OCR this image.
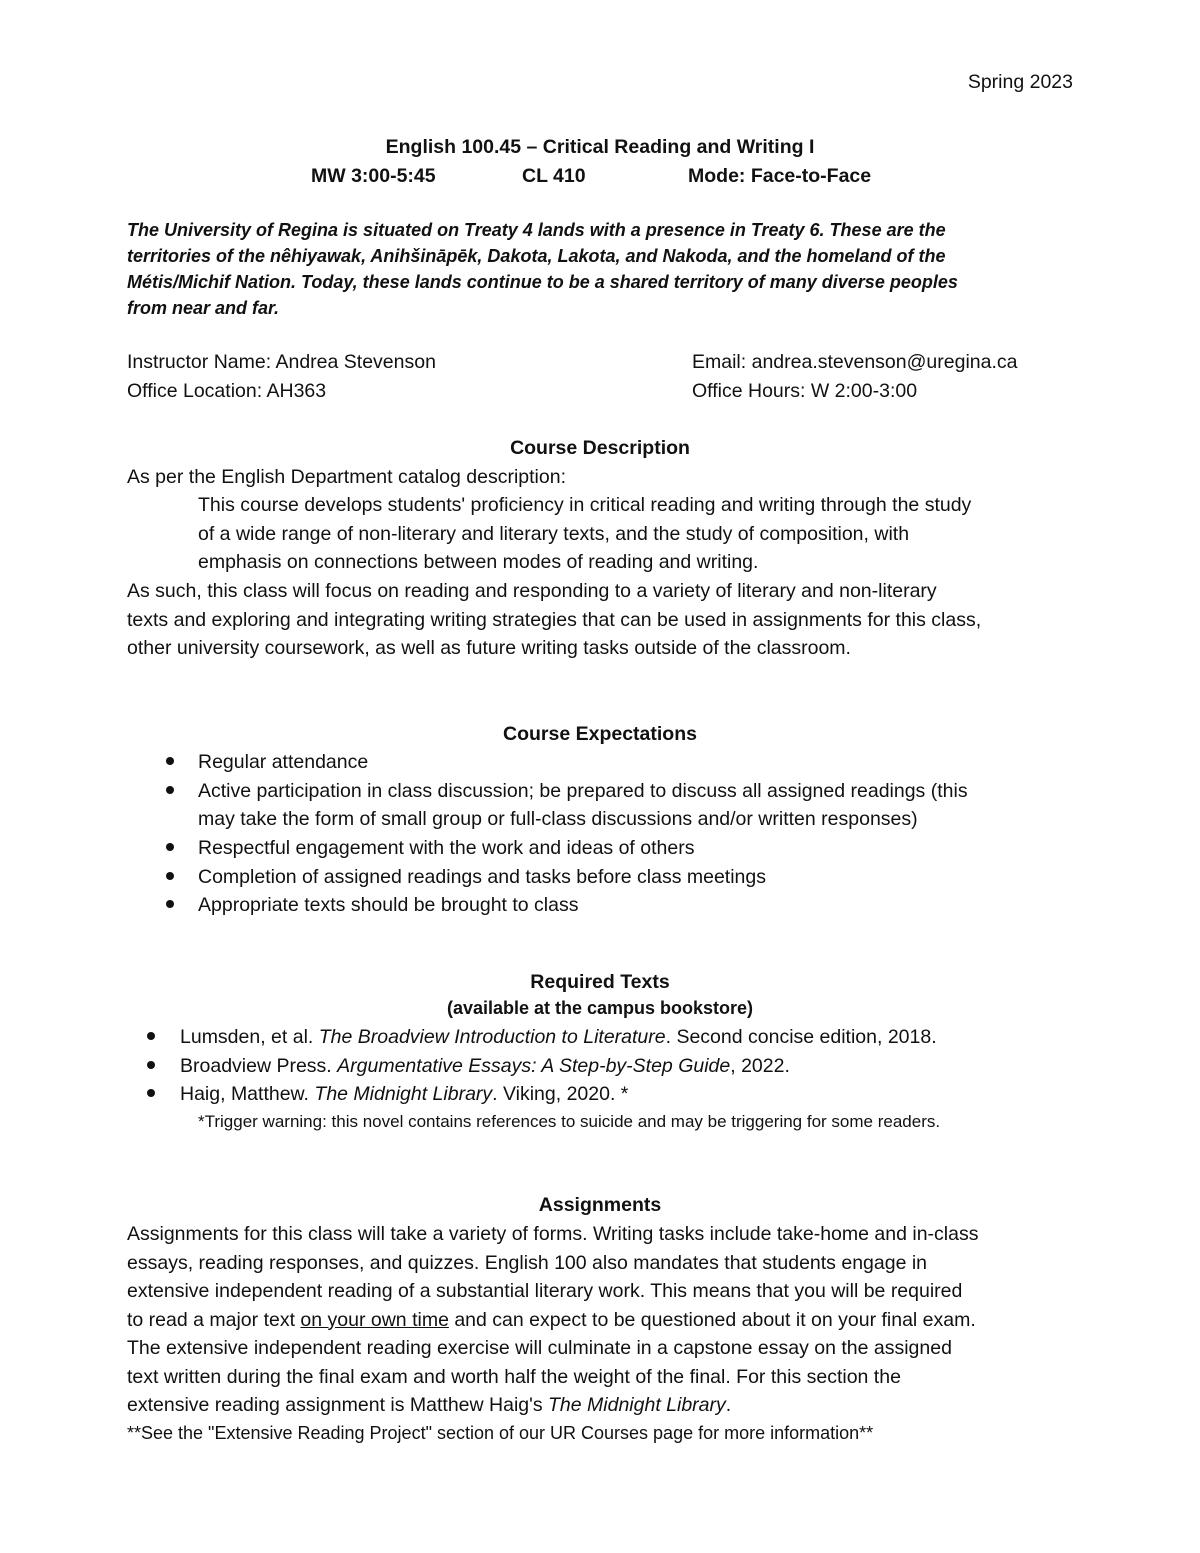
Spring 2023
English 100.45 – Critical Reading and Writing I
MW 3:00-5:45	CL 410	Mode: Face-to-Face
The University of Regina is situated on Treaty 4 lands with a presence in Treaty 6. These are the
territories of the nêhiyawak, Anihšināpēk, Dakota, Lakota, and Nakoda, and the homeland of the
Métis/Michif Nation. Today, these lands continue to be a shared territory of many diverse peoples
from near and far.
Instructor Name: Andrea Stevenson
Office Location: AH363
Email: andrea.stevenson@uregina.ca
Office Hours: W 2:00-3:00
Course Description
As per the English Department catalog description:
This course develops students' proficiency in critical reading and writing through the study
of a wide range of non-literary and literary texts, and the study of composition, with
emphasis on connections between modes of reading and writing.
As such, this class will focus on reading and responding to a variety of literary and non-literary
texts and exploring and integrating writing strategies that can be used in assignments for this class,
other university coursework, as well as future writing tasks outside of the classroom.
Course Expectations
Regular attendance
Active participation in class discussion; be prepared to discuss all assigned readings (this
may take the form of small group or full-class discussions and/or written responses)
Respectful engagement with the work and ideas of others
Completion of assigned readings and tasks before class meetings
Appropriate texts should be brought to class
Required Texts
(available at the campus bookstore)
Lumsden, et al. The Broadview Introduction to Literature. Second concise edition, 2018.
Broadview Press. Argumentative Essays: A Step-by-Step Guide, 2022.
Haig, Matthew. The Midnight Library. Viking, 2020. *
*Trigger warning: this novel contains references to suicide and may be triggering for some readers.
Assignments
Assignments for this class will take a variety of forms. Writing tasks include take-home and in-class
essays, reading responses, and quizzes. English 100 also mandates that students engage in
extensive independent reading of a substantial literary work. This means that you will be required
to read a major text on your own time and can expect to be questioned about it on your final exam.
The extensive independent reading exercise will culminate in a capstone essay on the assigned
text written during the final exam and worth half the weight of the final. For this section the
extensive reading assignment is Matthew Haig's The Midnight Library.
**See the "Extensive Reading Project" section of our UR Courses page for more information**
